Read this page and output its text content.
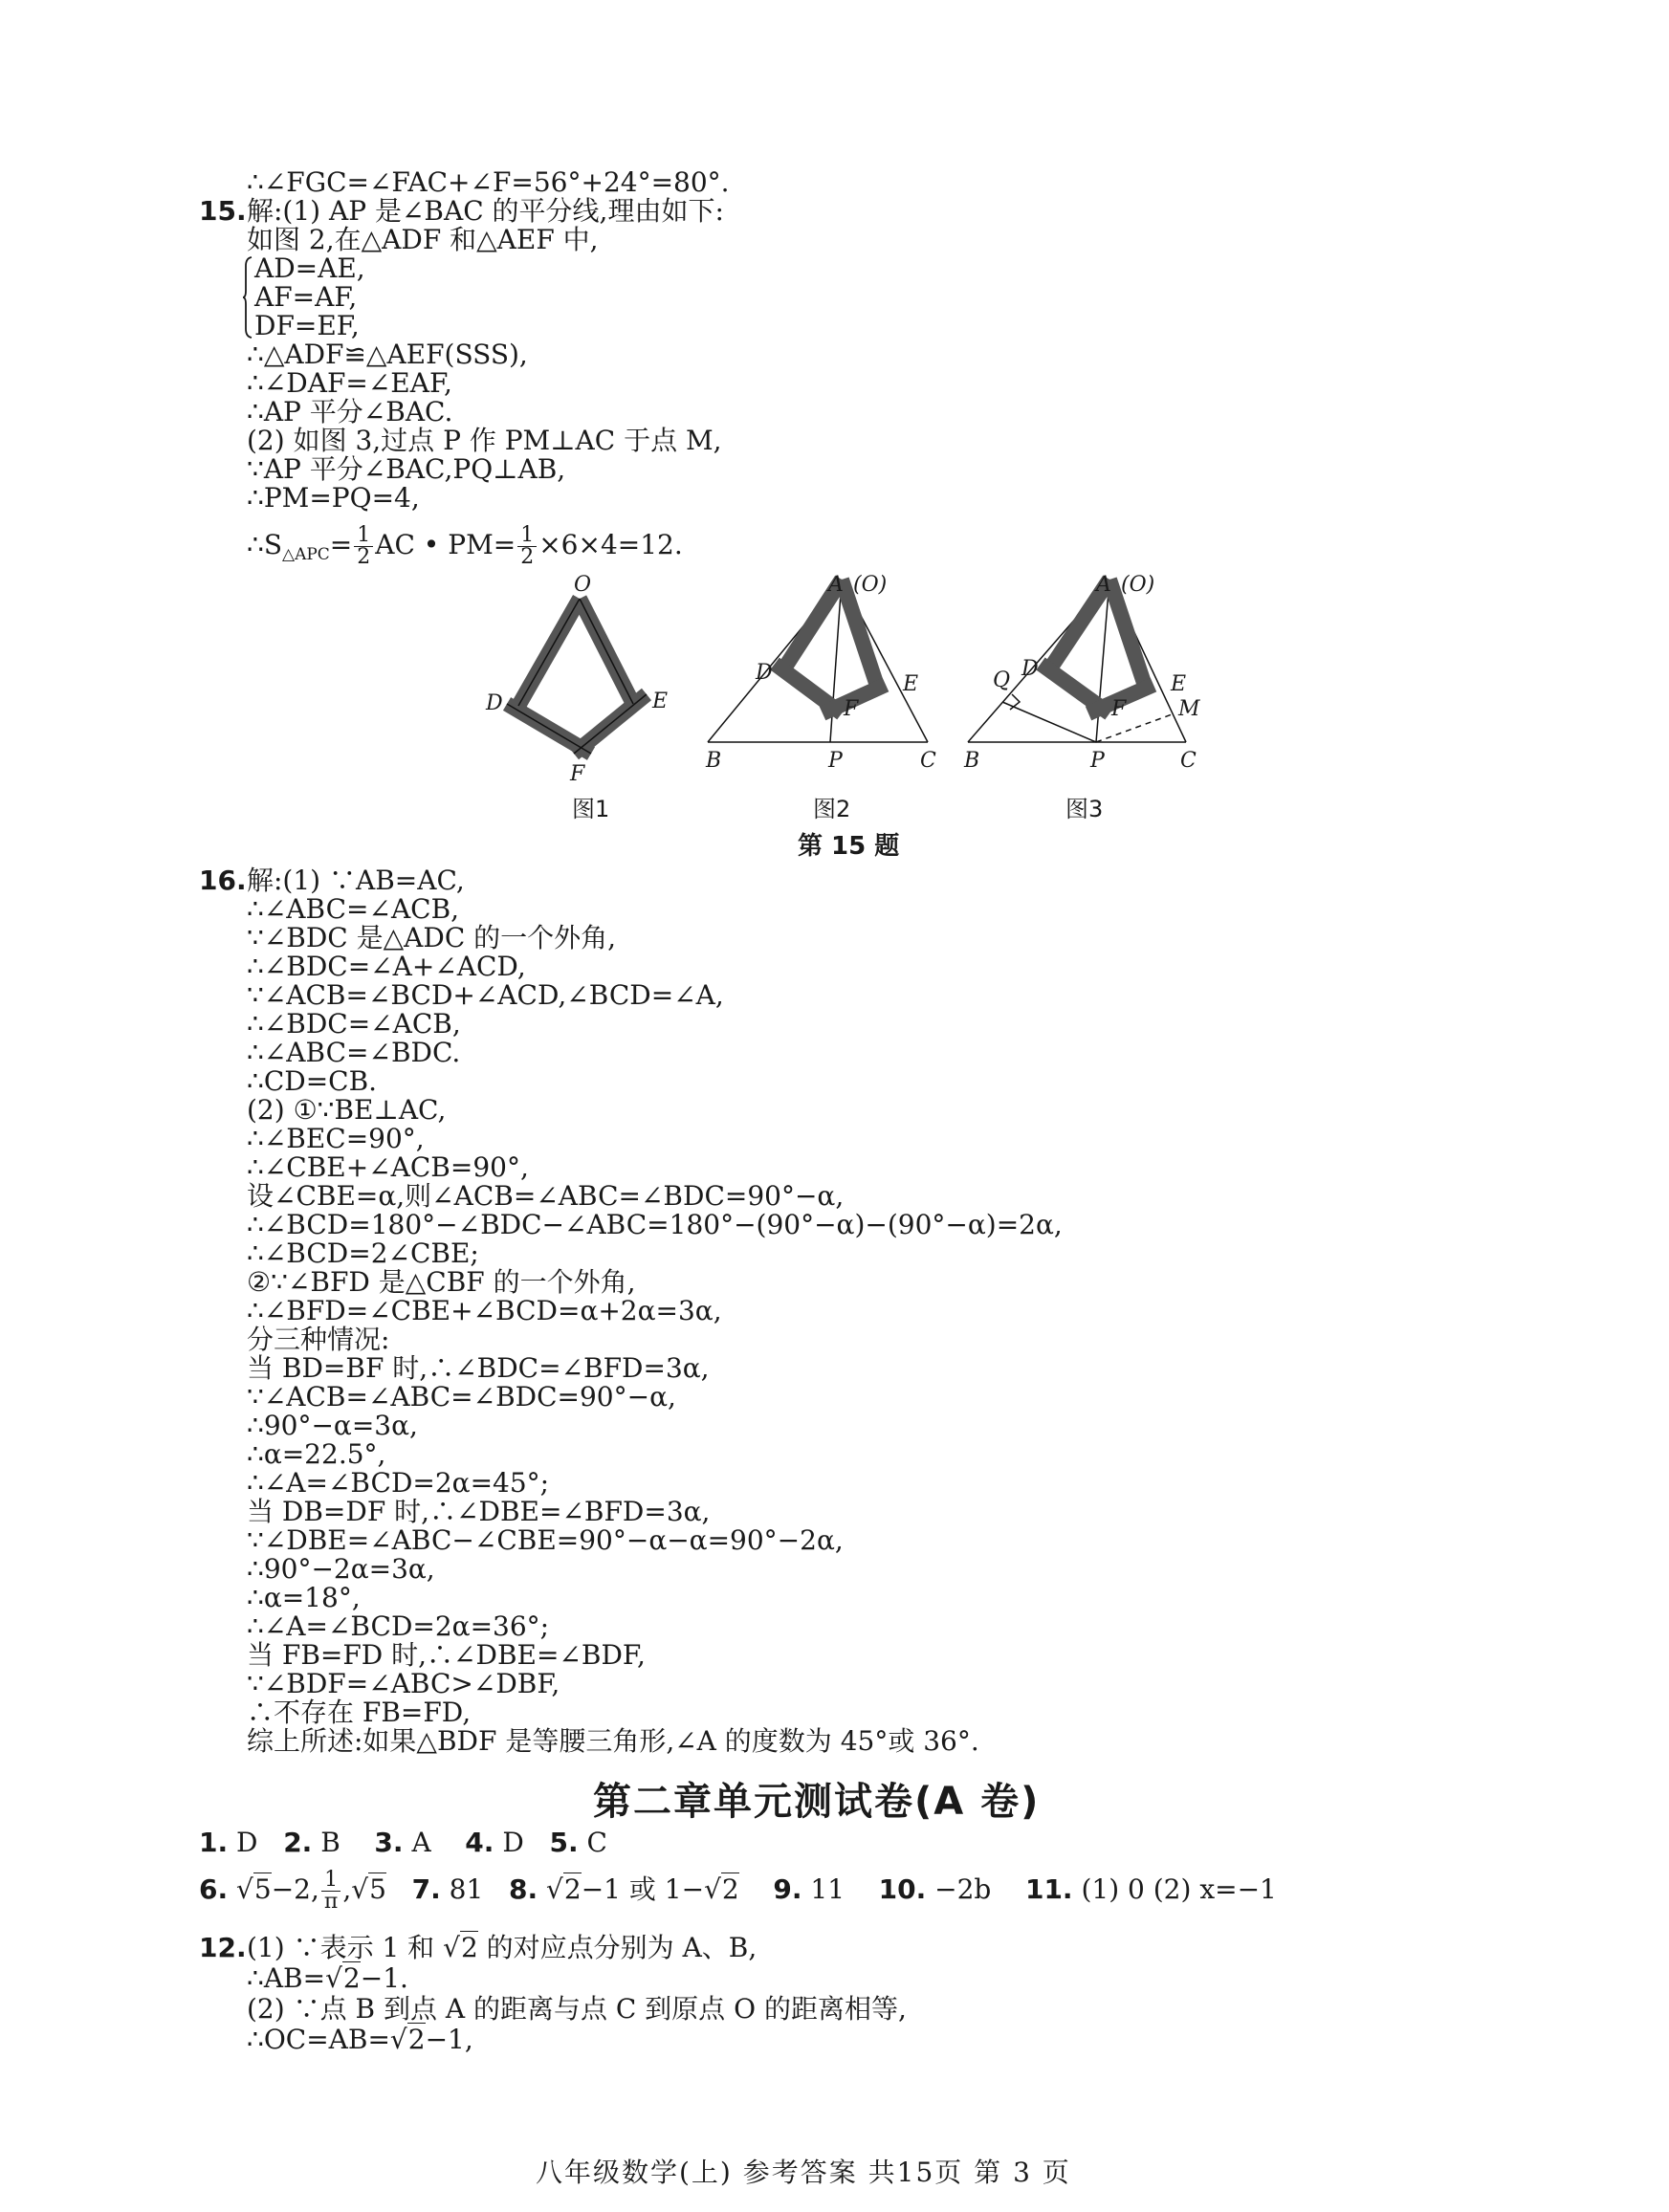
∴∠FGC=∠FAC+∠F=56°+24°=80°.
15. 解:(1) AP 是∠BAC 的平分线,理由如下:
如图 2,在△ADF 和△AEF 中,
AD=AE,
AF=AF,
DF=EF,
∴△ADF≌△AEF(SSS),
∴∠DAF=∠EAF,
∴AP 平分∠BAC.
(2) 如图 3,过点 P 作 PM⊥AC 于点 M,
∵AP 平分∠BAC,PQ⊥AB,
∴PM=PQ=4,
$\therefore S_{\triangle APC}= \frac{1}{2}$ AC • $PM= \frac{1}{2} \times 6\times 4=12$.
O
D	E
F
图1
A (O)
D	E
F
B	P	C
图2
A (O)
D
Q	E
M
F
B	P	C
图3
第 15 题
16. 解:(1) ∵AB=AC,
∴∠ABC=∠ACB,
∵∠BDC 是△ADC 的一个外角,
∴∠BDC=∠A+∠ACD,
∵∠ACB=∠BCD+∠ACD,∠BCD=∠A,
∴∠BDC=∠ACB,
∴∠ABC=∠BDC.
∴CD=CB.
(2) ①∵BE⊥AC,
∴∠BEC=90°,
∴∠CBE+∠ACB=90°,
设∠CBE=α,则∠ACB=∠ABC=∠BDC=90°−α,
∴∠BCD=180°−∠BDC−∠ABC=180°−(90°−α)−(90°−α)=2α,
∴∠BCD=2∠CBE;
②∵∠BFD 是△CBF 的一个外角,
∴∠BFD=∠CBE+∠BCD=α+2α=3α,
分三种情况:
当 BD=BF 时,∴∠BDC=∠BFD=3α,
∵∠ACB=∠ABC=∠BDC=90°−α,
∴90°−α=3α,
∴α=22.5°,
∴∠A=∠BCD=2α=45°;
当 DB=DF 时,∴∠DBE=∠BFD=3α,
∵∠DBE=∠ABC−∠CBE=90°−α−α=90°−2α,
∴90°−2α=3α,
∴α=18°,
∴∠A=∠BCD=2α=36°;
当 FB=FD 时,∴∠DBE=∠BDF,
∵∠BDF=∠ABC>∠DBF,
∴不存在 FB=FD,
综上所述:如果△BDF 是等腰三角形,∠A 的度数为 45°或 36°.
第二章单元测试卷(A 卷)
1. D 2. B 3. A 4. D 5. C
6. √5−2, $\frac{1}{\pi} ,√5$ 7. 81 8. √2−1 或 1−√2 9. 11 10. −2b 11. (1) 0 (2) x=−1
12. (1) ∵表示 1 和 √2 的对应点分别为 A、B,
∴AB=√2−1.
(2) ∵点 B 到点 A 的距离与点 C 到原点 O 的距离相等,
∴OC=AB=√2−1,
八年级数学(上) 参考答案 共15页 第 3 页
